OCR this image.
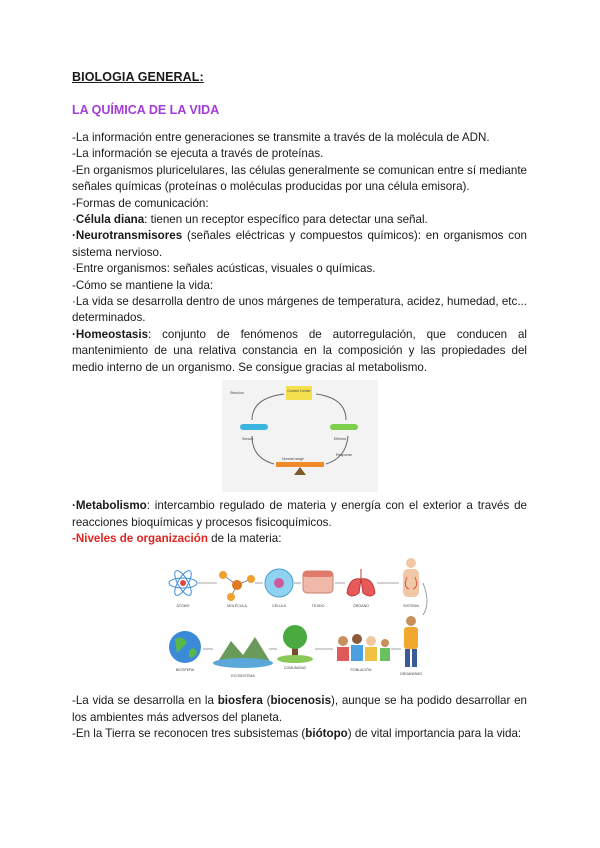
BIOLOGIA GENERAL:

LA QUÍMICA DE LA VIDA

-La información entre generaciones se transmite a través de la molécula de ADN.

-La información se ejecuta a través de proteínas.

-En organismos pluricelulares, las células generalmente se comunican entre sí mediante señales químicas (proteínas o moléculas producidas por una célula emisora).

-Formas de comunicación:

·Célula diana: tienen un receptor específico para detectar una señal.

·Neurotransmisores (señales eléctricas y compuestos químicos): en organismos con sistema nervioso.

·Entre organismos: señales acústicas, visuales o químicas.

-Cómo se mantiene la vida:

·La vida se desarrolla dentro de unos márgenes de temperatura, acidez, humedad, etc... determinados.

·Homeostasis: conjunto de fenómenos de autorregulación, que conducen al mantenimiento de una relativa constancia en la composición y las propiedades del medio interno de un organismo. Se consigue gracias al metabolismo.

Control Center
Stimulus
Sensor	Effector
Response
Normal range

·Metabolismo: intercambio regulado de materia y energía con el exterior a través de reacciones bioquímicas y procesos fisicoquímicos.

-Niveles de organización de la materia:

ÁTOMO	MOLÉCULA	CÉLULA	TEJIDO	ÓRGANO	SISTEMA
BIOSFERA
ECOSISTEMA
COMUNIDAD	POBLACIÓN
ORGANISMO

-La vida se desarrolla en la biosfera (biocenosis), aunque se ha podido desarrollar en los ambientes más adversos del planeta.

-En la Tierra se reconocen tres subsistemas (biótopo) de vital importancia para la vida:
